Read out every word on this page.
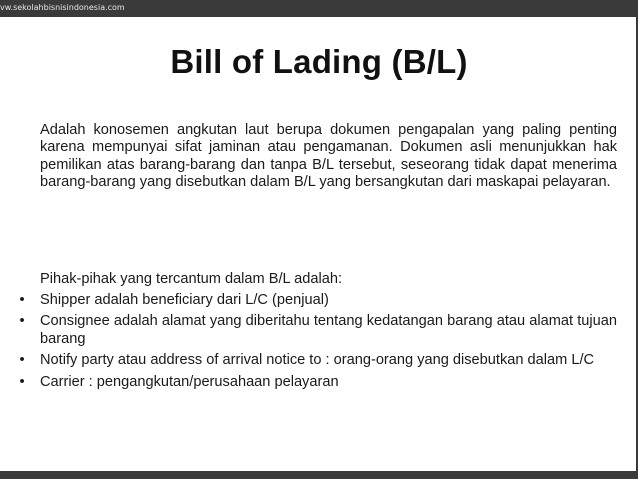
vw.sekolahbisnisindonesia.com
Bill of Lading (B/L)

Adalah konosemen angkutan laut berupa dokumen pengapalan yang paling penting karena mempunyai sifat jaminan atau pengamanan. Dokumen asli menunjukkan hak pemilikan atas barang-barang dan tanpa B/L tersebut, seseorang tidak dapat menerima barang-barang yang disebutkan dalam B/L yang bersangkutan dari maskapai pelayaran.

Pihak-pihak yang tercantum dalam B/L adalah:

• Shipper adalah beneficiary dari L/C (penjual)
• Consignee adalah alamat yang diberitahu tentang kedatangan barang atau alamat tujuan barang
• Notify party atau address of arrival notice to : orang-orang yang disebutkan dalam L/C
• Carrier : pengangkutan/perusahaan pelayaran
